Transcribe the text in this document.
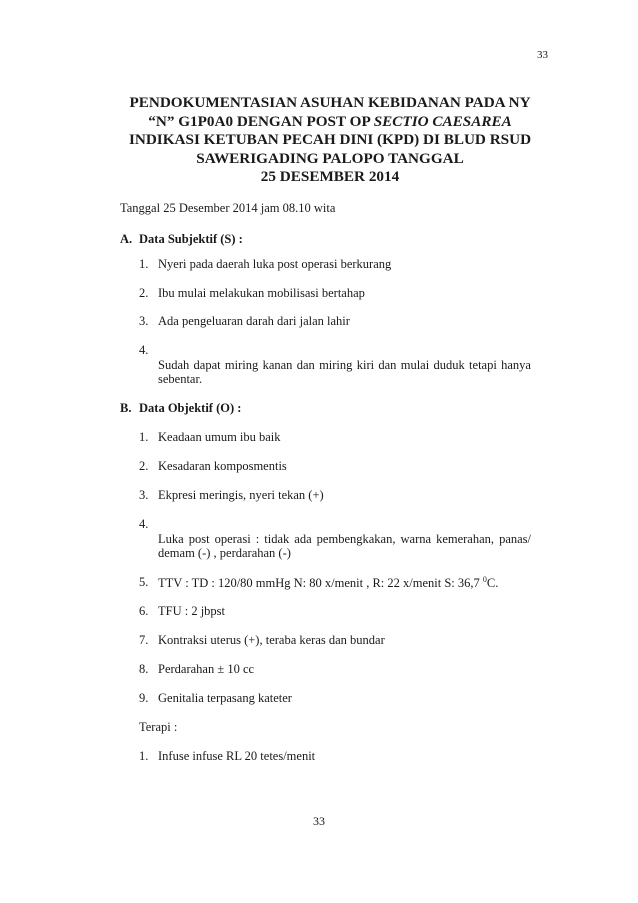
33
PENDOKUMENTASIAN ASUHAN KEBIDANAN PADA NY
“N” G1P0A0 DENGAN POST OP SECTIO CAESAREA
INDIKASI KETUBAN PECAH DINI (KPD) DI BLUD RSUD
SAWERIGADING PALOPO TANGGAL
25 DESEMBER 2014
Tanggal 25 Desember 2014 jam 08.10 wita
A. Data Subjektif (S) :
1. Nyeri pada daerah luka post operasi berkurang
2. Ibu mulai melakukan mobilisasi bertahap
3. Ada pengeluaran darah dari jalan lahir
4.
Sudah dapat miring kanan dan miring kiri dan mulai duduk tetapi hanya
sebentar.
B. Data Objektif (O) :
1. Keadaan umum ibu baik
2. Kesadaran komposmentis
3. Ekpresi meringis, nyeri tekan (+)
4.
Luka post operasi : tidak ada pembengkakan, warna kemerahan, panas/
demam (-) , perdarahan (-)
5. TTV : TD : 120/80 mmHg N: 80 x/menit , R: 22 x/menit S: 36,7 $^0$C.
6. TFU : 2 jbpst
7. Kontraksi uterus (+), teraba keras dan bundar
8. Perdarahan ± 10 cc
9. Genitalia terpasang kateter
Terapi :
1. Infuse infuse RL 20 tetes/menit
33
